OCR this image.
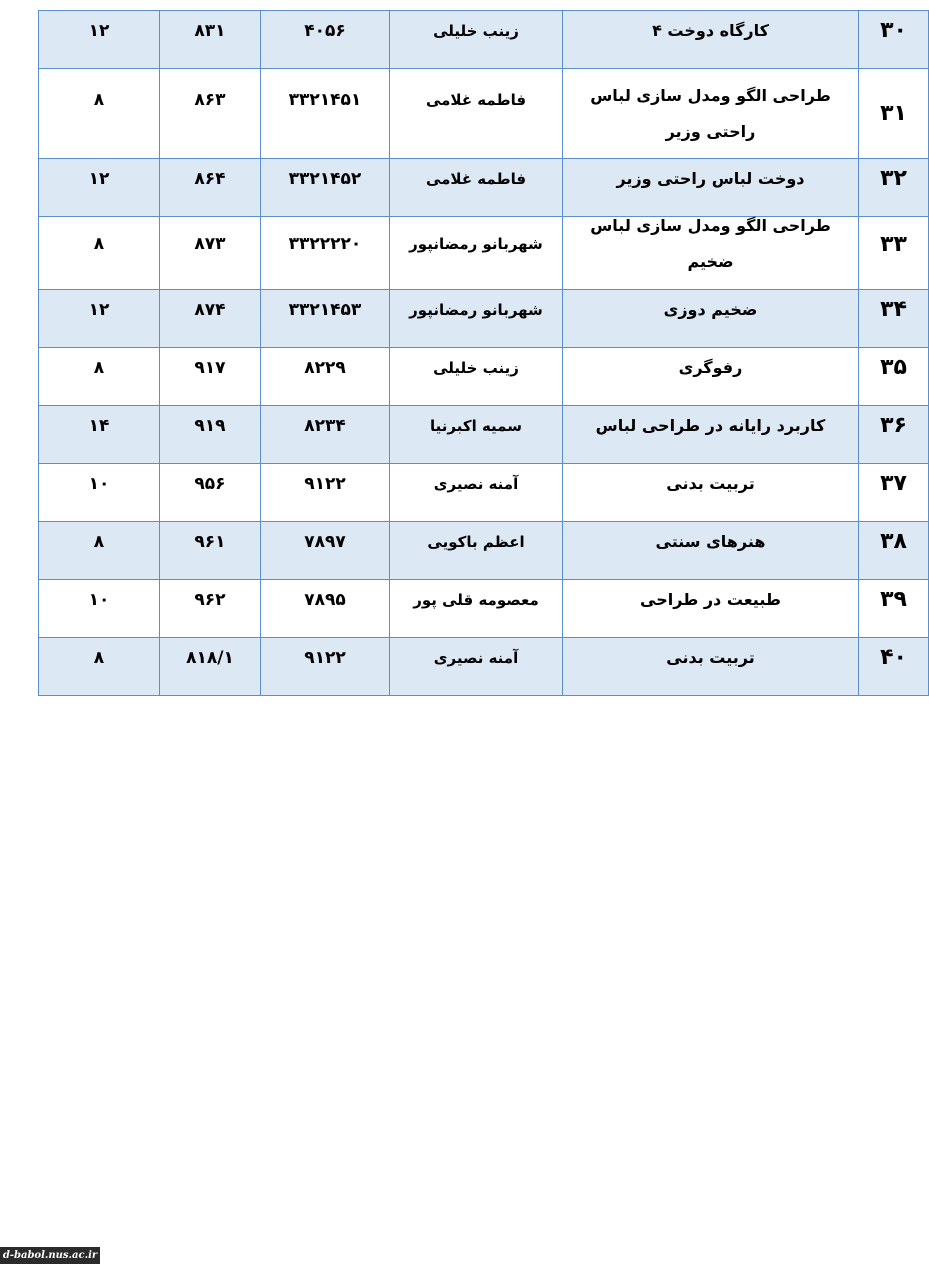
۳۰	کارگاه دوخت ۴	زینب خلیلی	۴۰۵۶	۸۳۱	۱۲
۳۱	طراحی الگو ومدل سازی لباس راحتی وزیر	فاطمه غلامی	۳۳۲۱۴۵۱	۸۶۳	۸
۳۲	دوخت لباس راحتی وزیر	فاطمه غلامی	۳۳۲۱۴۵۲	۸۶۴	۱۲
۳۳	طراحی الگو ومدل سازی لباس ضخیم	شهربانو رمضانپور	۳۳۲۲۲۲۰	۸۷۳	۸
۳۴	ضخیم دوزی	شهربانو رمضانپور	۳۳۲۱۴۵۳	۸۷۴	۱۲
۳۵	رفوگری	زینب خلیلی	۸۲۲۹	۹۱۷	۸
۳۶	کاربرد رایانه در طراحی لباس	سمیه اکبرنیا	۸۲۳۴	۹۱۹	۱۴
۳۷	تربیت بدنی	آمنه نصیری	۹۱۲۲	۹۵۶	۱۰
۳۸	هنرهای سنتی	اعظم باکویی	۷۸۹۷	۹۶۱	۸
۳۹	طبیعت در طراحی	معصومه قلی پور	۷۸۹۵	۹۶۲	۱۰
۴۰	تربیت بدنی	آمنه نصیری	۹۱۲۲	۸۱۸/۱	۸
d-babol.nus.ac.ir
